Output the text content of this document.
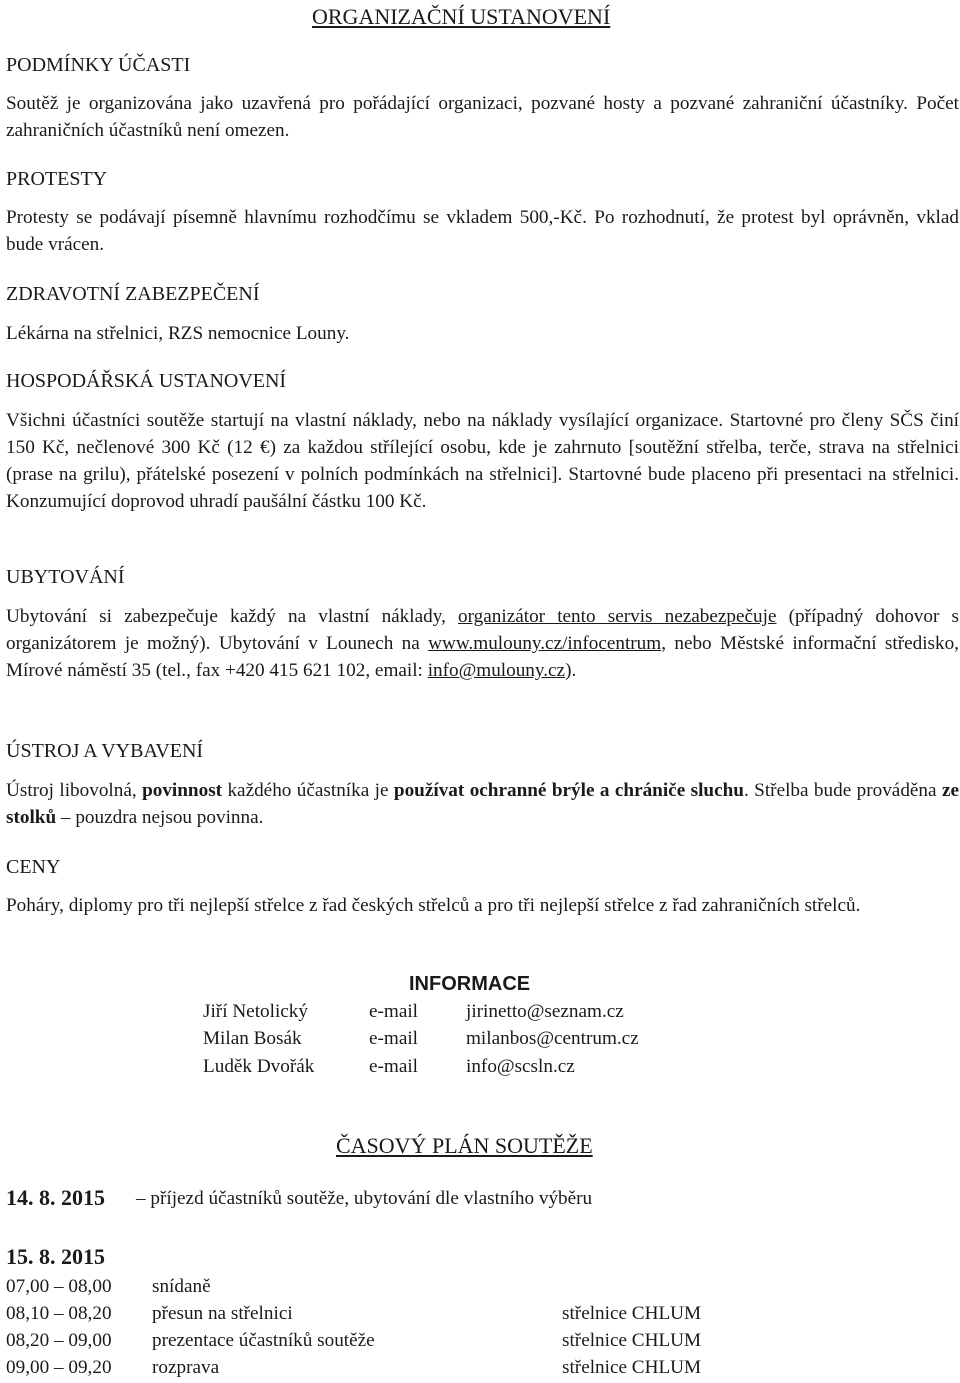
ORGANIZAČNÍ USTANOVENÍ
PODMÍNKY ÚČASTI
Soutěž je organizována jako uzavřená pro pořádající organizaci, pozvané hosty a pozvané zahraniční účastníky. Počet zahraničních účastníků není omezen.
PROTESTY
Protesty se podávají písemně hlavnímu rozhodčímu se vkladem 500,-Kč. Po rozhodnutí, že protest byl oprávněn, vklad bude vrácen.
ZDRAVOTNÍ ZABEZPEČENÍ
Lékárna na střelnici, RZS nemocnice Louny.
HOSPODÁŘSKÁ USTANOVENÍ
Všichni účastníci soutěže startují na vlastní náklady, nebo na náklady vysílající organizace. Startovné pro členy SČS činí 150 Kč, nečlenové 300 Kč (12 €) za každou střílející osobu, kde je zahrnuto [soutěžní střelba, terče, strava na střelnici (prase na grilu), přátelské posezení v polních podmínkách na střelnici]. Startovné bude placeno při presentaci na střelnici. Konzumující doprovod uhradí paušální částku 100 Kč.
UBYTOVÁNÍ
Ubytování si zabezpečuje každý na vlastní náklady, organizátor tento servis nezabezpečuje (případný dohovor s organizátorem je možný). Ubytování v Lounech na www.mulouny.cz/infocentrum, nebo Městské informační středisko, Mírové náměstí 35 (tel., fax +420 415 621 102, email: info@mulouny.cz).
ÚSTROJ A VYBAVENÍ
Ústroj libovolná, povinnost každého účastníka je používat ochranné brýle a chrániče sluchu. Střelba bude prováděna ze stolků – pouzdra nejsou povinna.
CENY
Poháry, diplomy pro tři nejlepší střelce z řad českých střelců a pro tři nejlepší střelce z řad zahraničních střelců.
INFORMACE
Jiří Netolický	e-mail jirinetto@seznam.cz
Milan Bosák	e-mail milanbos@centrum.cz
Luděk Dvořák	e-mail info@scsln.cz
ČASOVÝ PLÁN SOUTĚŽE
14. 8. 2015 – příjezd účastníků soutěže, ubytování dle vlastního výběru
15. 8. 2015
07,00 – 08,00 snídaně
08,10 – 08,20 přesun na střelnici	střelnice CHLUM
08,20 – 09,00 prezentace účastníků soutěže	střelnice CHLUM
09,00 – 09,20 rozprava	střelnice CHLUM
